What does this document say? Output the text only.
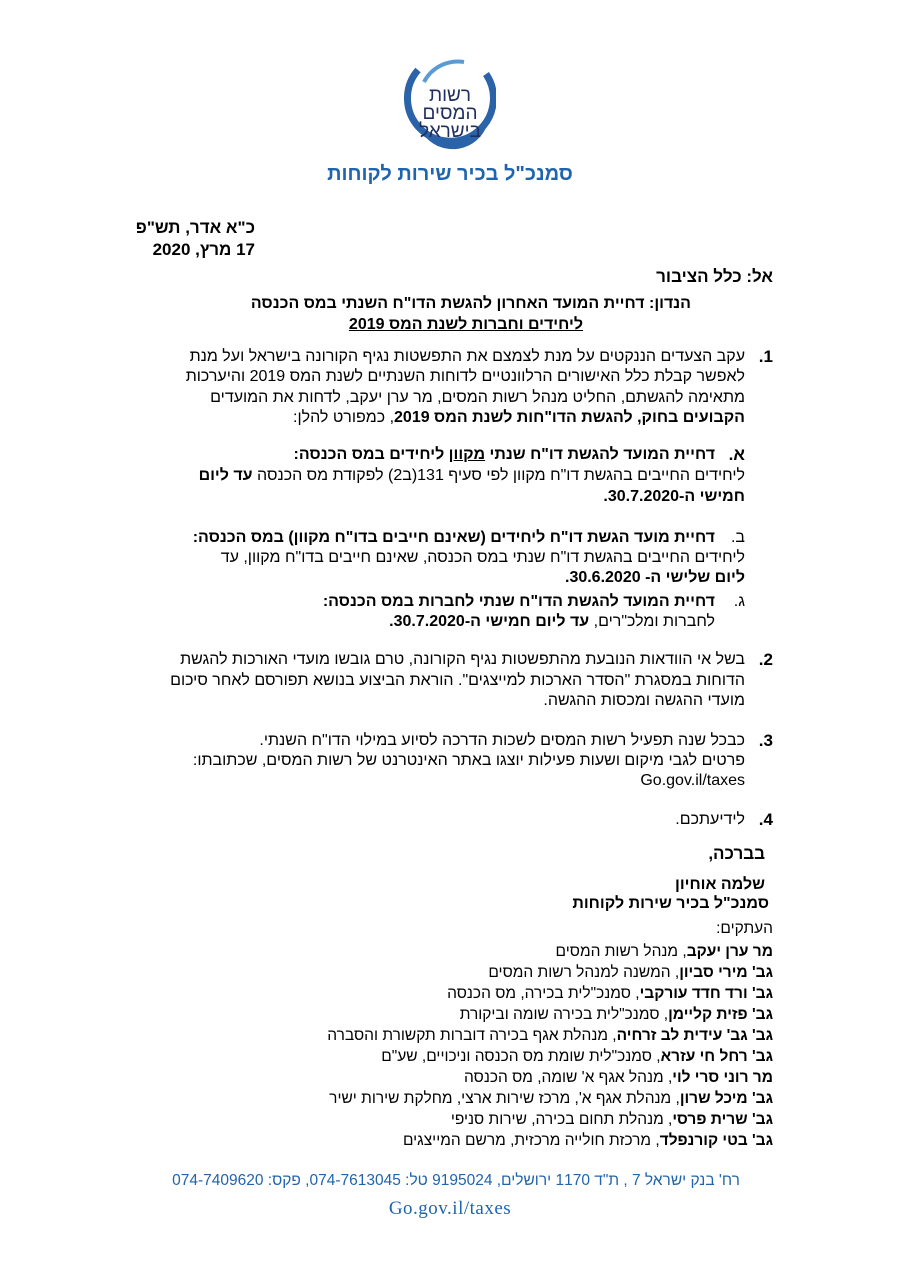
רשות
המסים
בישראל
סמנכ"ל בכיר שירות לקוחות
כ"א אדר, תש"פ
17 מרץ, 2020
אל: כלל הציבור
הנדון: דחיית המועד האחרון להגשת הדו"ח השנתי במס הכנסה
ליחידים וחברות לשנת המס 2019
1.
עקב הצעדים הננקטים על מנת לצמצם את התפשטות נגיף הקורונה בישראל ועל מנת
לאפשר קבלת כלל האישורים הרלוונטיים לדוחות השנתיים לשנת המס 2019 והיערכות
מתאימה להגשתם, החליט מנהל רשות המסים, מר ערן יעקב, לדחות את המועדים
הקבועים בחוק, להגשת הדו"חות לשנת המס 2019, כמפורט להלן:
א.
דחיית המועד להגשת דו"ח שנתי מקוון ליחידים במס הכנסה:
ליחידים החייבים בהגשת דו"ח מקוון לפי סעיף 131(ב2) לפקודת מס הכנסה עד ליום
חמישי ה-30.7.2020.
ב.
דחיית מועד הגשת דו"ח ליחידים (שאינם חייבים בדו"ח מקוון) במס הכנסה:
ליחידים החייבים בהגשת דו"ח שנתי במס הכנסה, שאינם חייבים בדו"ח מקוון, עד
ליום שלישי ה- 30.6.2020.
ג.
דחיית המועד להגשת הדו"ח שנתי לחברות במס הכנסה:
לחברות ומלכ"רים, עד ליום חמישי ה-30.7.2020.
2.
בשל אי הוודאות הנובעת מהתפשטות נגיף הקורונה, טרם גובשו מועדי האורכות להגשת
הדוחות במסגרת "הסדר הארכות למייצגים". הוראת הביצוע בנושא תפורסם לאחר סיכום
מועדי ההגשה ומכסות ההגשה.
3.
כבכל שנה תפעיל רשות המסים לשכות הדרכה לסיוע במילוי הדו"ח השנתי.
פרטים לגבי מיקום ושעות פעילות יוצגו באתר האינטרנט של רשות המסים, שכתובתו:
Go.gov.il/taxes
4.
לידיעתכם.
בברכה,
שלמה אוחיון
סמנכ"ל בכיר שירות לקוחות
העתקים:
מר ערן יעקב, מנהל רשות המסים
גב' מירי סביון, המשנה למנהל רשות המסים
גב' ורד חדד עורקבי, סמנכ"לית בכירה, מס הכנסה
גב' פזית קליימן, סמנכ"לית בכירה שומה וביקורת
גב' גב' עידית לב זרחיה, מנהלת אגף בכירה דוברות תקשורת והסברה
גב' רחל חי עזרא, סמנכ"לית שומת מס הכנסה וניכויים, שע"ם
מר רוני סרי לוי, מנהל אגף א' שומה, מס הכנסה
גב' מיכל שרון, מנהלת אגף א', מרכז שירות ארצי, מחלקת שירות ישיר
גב' שרית פרסי, מנהלת תחום בכירה, שירות סניפי
גב' בטי קורנפלד, מרכזת חולייה מרכזית, מרשם המייצגים
רח' בנק ישראל 7 , ת"ד 1170 ירושלים, 9195024 טל: 074-7613045, פקס: 074-7409620
Go.gov.il/taxes
